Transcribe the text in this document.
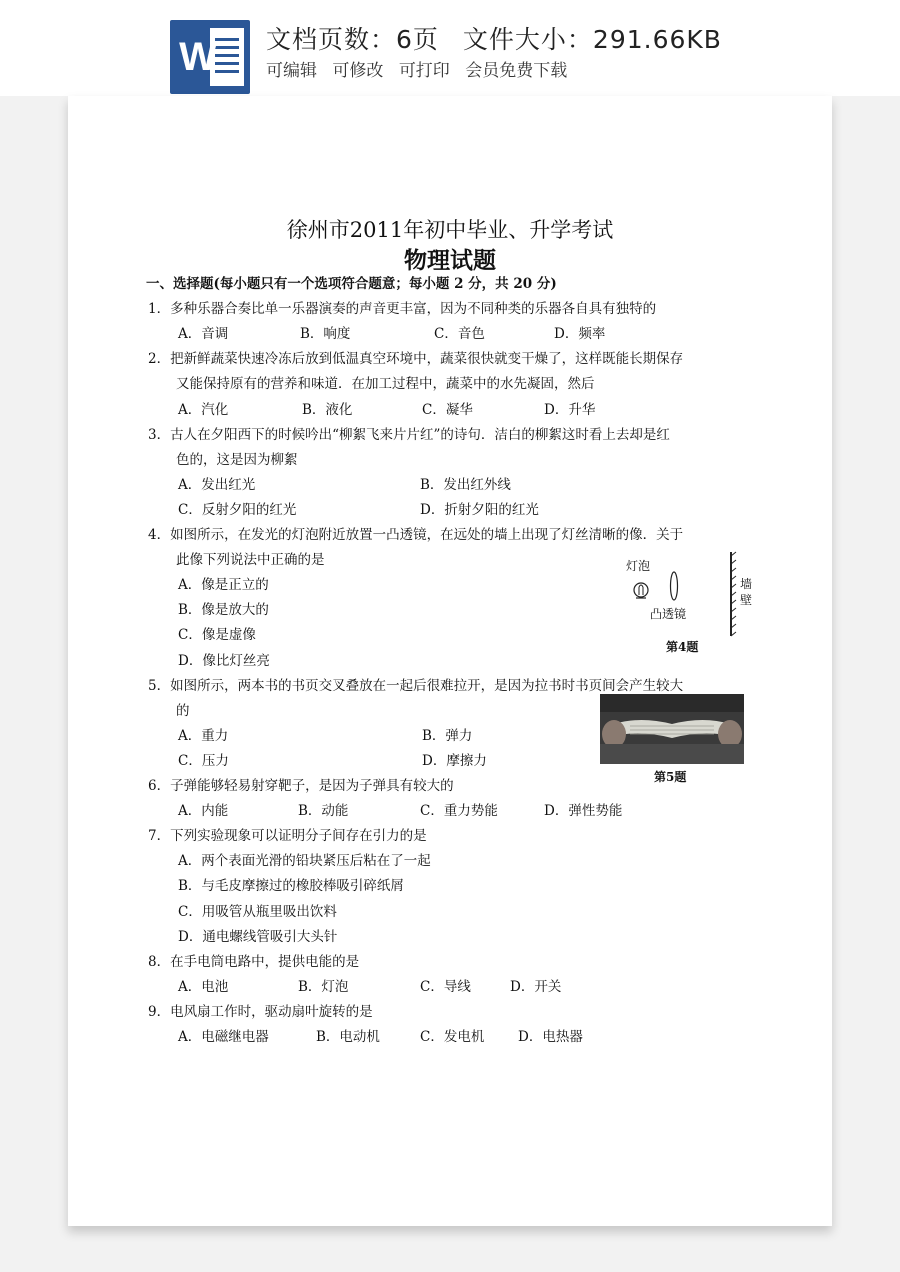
W 文档页数：6页 文件大小：291.66KB
可编辑 可修改 可打印 会员免费下载
徐州市2011年初中毕业、升学考试
物理试题
一、选择题(每小题只有一个选项符合题意；每小题 2 分，共 20 分)
1．多种乐器合奏比单一乐器演奏的声音更丰富，因为不同种类的乐器各自具有独特的
A．音调	B．响度	C．音色	D．频率
2．把新鲜蔬菜快速冷冻后放到低温真空环境中，蔬菜很快就变干燥了，这样既能长期保存
又能保持原有的营养和味道．在加工过程中，蔬菜中的水先凝固，然后
A．汽化	B．液化	C．凝华	D．升华
3．古人在夕阳西下的时候吟出“柳絮飞来片片红”的诗句．洁白的柳絮这时看上去却是红
色的，这是因为柳絮
A．发出红光	B．发出红外线
C．反射夕阳的红光	D．折射夕阳的红光
4．如图所示，在发光的灯泡附近放置一凸透镜，在远处的墙上出现了灯丝清晰的像．关于
此像下列说法中正确的是
A．像是正立的
B．像是放大的
C．像是虚像
D．像比灯丝亮
灯泡
凸透镜
墙壁
第4题
5．如图所示，两本书的书页交叉叠放在一起后很难拉开，是因为拉书时书页间会产生较大
的
A．重力	B．弹力
C．压力	D．摩擦力
第5题
6．子弹能够轻易射穿靶子，是因为子弹具有较大的
A．内能	B．动能	C．重力势能	D．弹性势能
7．下列实验现象可以证明分子间存在引力的是
A．两个表面光滑的铅块紧压后粘在了一起
B．与毛皮摩擦过的橡胶棒吸引碎纸屑
C．用吸管从瓶里吸出饮料
D．通电螺线管吸引大头针
8．在手电筒电路中，提供电能的是
A．电池	B．灯泡	C．导线	D．开关
9．电风扇工作时，驱动扇叶旋转的是
A．电磁继电器	B．电动机	C．发电机 D．电热器
